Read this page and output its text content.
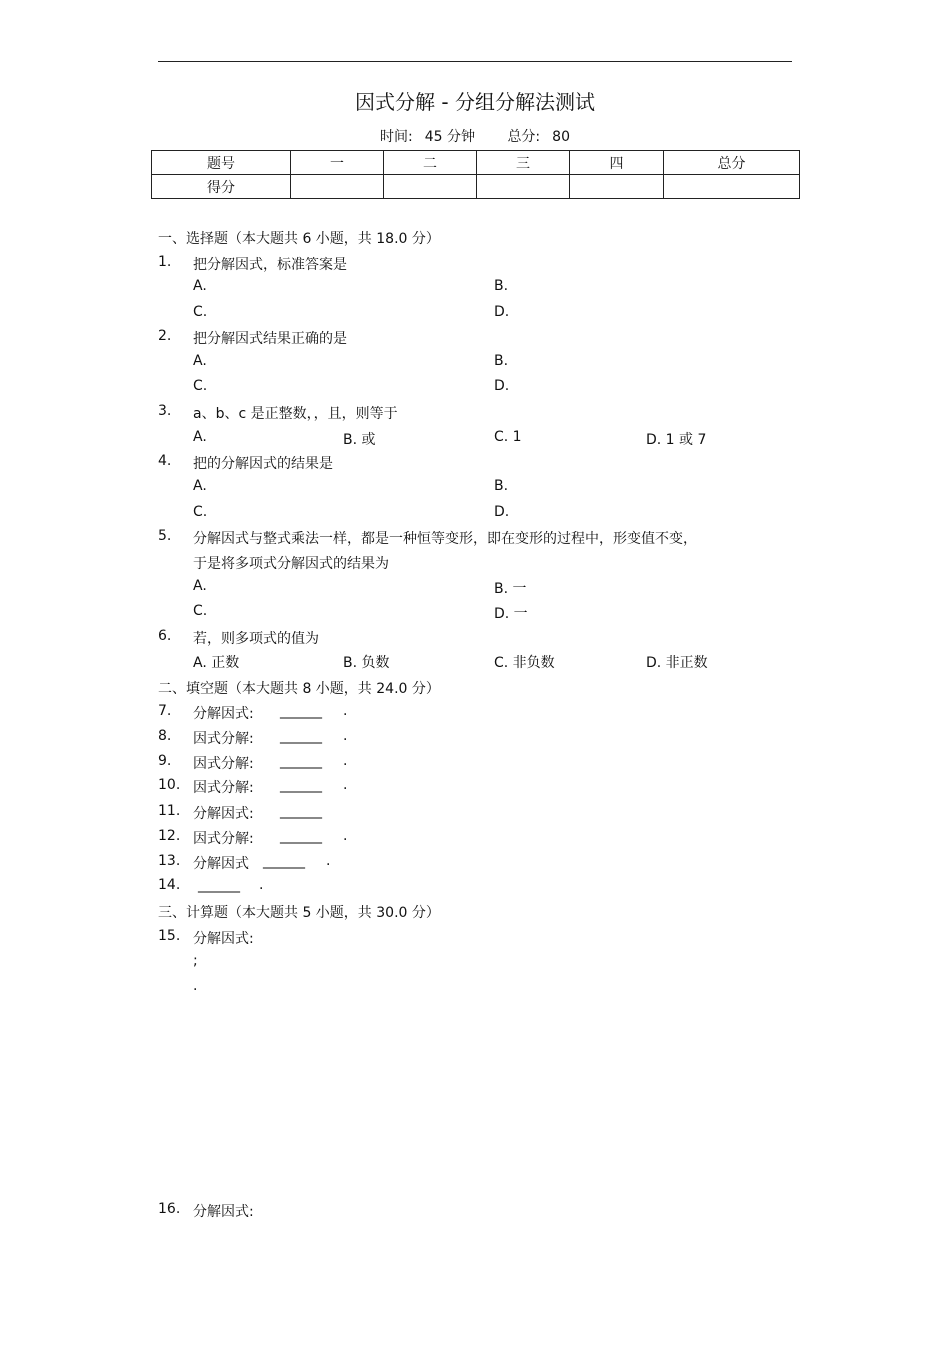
因式分解 - 分组分解法测试
时间: 45 分钟 总分: 80
题号	一	二	三	四	总分
得分					
一、选择题（本大题共 6 小题，共 18.0 分）
1. 把分解因式，标准答案是
A.	B.
C.	D.
2. 把分解因式结果正确的是
A.	B.
C.	D.
3. a、b、c 是正整数，，且，则等于
A.	B. 或	C. 1	D. 1 或 7
4. 把的分解因式的结果是
A.	B.
C.	D.
5. 分解因式与整式乘法一样，都是一种恒等变形，即在变形的过程中，形变值不变，
于是将多项式分解因式的结果为
A.	B. 一
C.	D. 一
6. 若，则多项式的值为
A. 正数	B. 负数	C. 非负数	D. 非正数
二、填空题（本大题共 8 小题，共 24.0 分）
7. 分解因式: ______ .
8. 因式分解: ______ .
9. 因式分解: ______ .
10. 因式分解: ______ .
11. 分解因式: ______
12. 因式分解: ______ .
13. 分解因式 ______ .
14. ______ .
三、计算题（本大题共 5 小题，共 30.0 分）
15. 分解因式:
;
.
16. 分解因式:
